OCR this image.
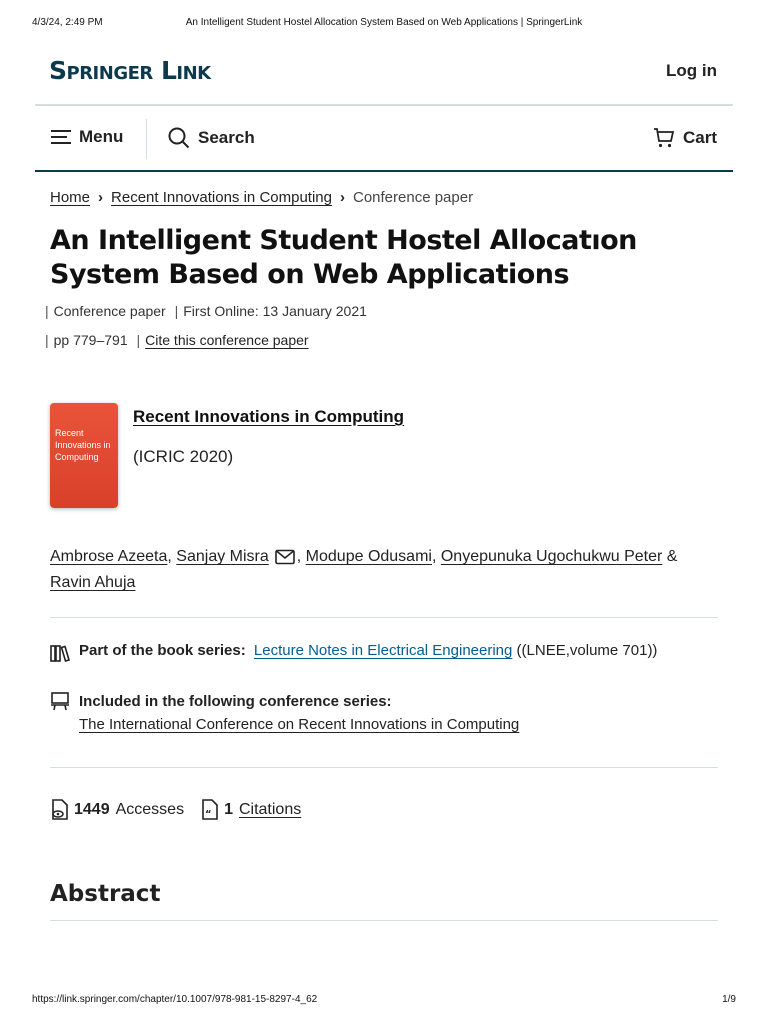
4/3/24, 2:49 PM	An Intelligent Student Hostel Allocation System Based on Web Applications | SpringerLink
Springer Link	Log in
Menu	Search	Cart
Home › Recent Innovations in Computing › Conference paper
An Intelligent Student Hostel Allocatıon System Based on Web Applications
| Conference paper | First Online: 13 January 2021
| pp 779–791 | Cite this conference paper

Recent Innovations in Computing
Recent Innovations in Computing
(ICRIC 2020)
Ambrose Azeeta, Sanjay Misra , Modupe Odusami, Onyepunuka Ugochukwu Peter & Ravin Ahuja
Part of the book series: Lecture Notes in Electrical Engineering ((LNEE,volume 701))
Included in the following conference series:
The International Conference on Recent Innovations in Computing
1449 Accesses “ 1 Citations
Abstract
https://link.springer.com/chapter/10.1007/978-981-15-8297-4_62	1/9
